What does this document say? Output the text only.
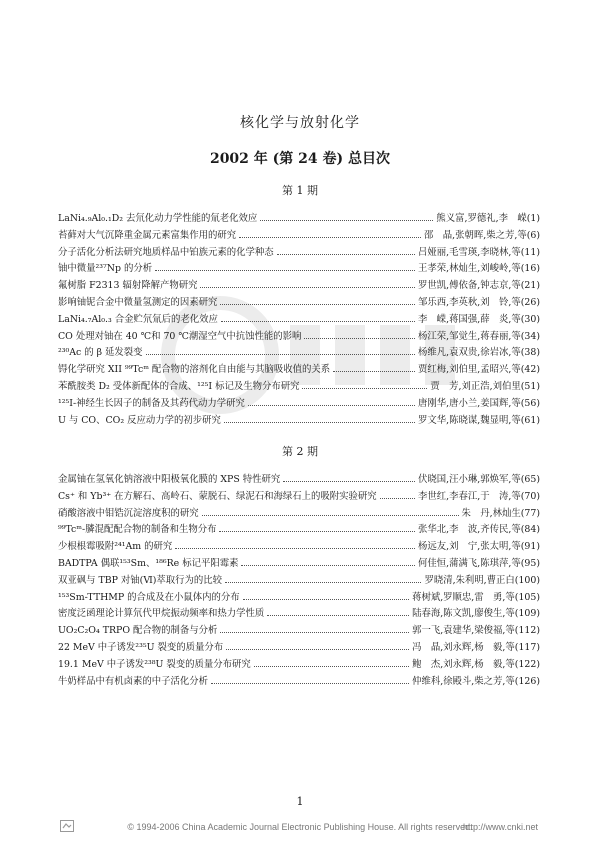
核化学与放射化学
2002 年 (第 24 卷) 总目次
第 1 期
LaNi₄.₉Al₀.₁D₂ 去氘化动力学性能的氚老化效应	熊义富,罗德礼,李　嵘 (1)
苔藓对大气沉降重金属元素富集作用的研究	邵　晶,张朝晖,柴之芳,等 (6)
分子活化分析法研究地质样品中铂族元素的化学种态	吕娅丽,毛雪瑛,李晓林,等 (11)
铀中微量²³⁷Np 的分析	王孝荣,林灿生,刘峻岭,等 (16)
氟树脂 F2313 辐射降解产物研究	罗世凯,傅依备,钟志京,等 (21)
影响铀铌合金中微量氢测定的因素研究	邹乐西,李英秋,刘　铃,等 (26)
LaNi₄.₇Al₀.₃ 合金贮氘氚后的老化效应	李　嵘,蒋国强,薛　炎,等 (30)
CO 处理对铀在 40 ℃和 70 ℃潮湿空气中抗蚀性能的影响	杨江荣,邹觉生,蒋春丽,等 (34)
²³⁰Ac 的 β 延发裂变	杨维凡,袁双贵,徐岩冰,等 (38)
锝化学研究 XII ⁹⁹Tcᵐ 配合物的溶剂化自由能与其脑吸收值的关系	贾红梅,刘伯里,孟昭兴,等 (42)
苯酰胺类 D₂ 受体新配体的合成、¹²⁵I 标记及生物分布研究	贾　芳,刘正浩,刘伯里 (51)
¹²⁵I-神经生长因子的制备及其药代动力学研究	唐刚华,唐小兰,姜国辉,等 (56)
U 与 CO、CO₂ 反应动力学的初步研究	罗文华,陈晓谋,魏显明,等 (61)
第 2 期
金属铀在氢氧化钠溶液中阳极氧化膜的 XPS 特性研究	伏晓国,汪小琳,郭焕军,等 (65)
Cs⁺ 和 Yb³⁺ 在方解石、高岭石、蒙脱石、绿泥石和海绿石上的吸附实验研究	李世红,李春江,于　涛,等 (70)
硝酸溶液中钼锆沉淀溶度积的研究	朱　丹,林灿生 (77)
⁹⁹Tcᵐ-膦混配配合物的制备和生物分布	张华北,李　波,齐传民,等 (84)
少根根霉吸附²⁴¹Am 的研究	杨远友,刘　宁,张太明,等 (91)
BADTPA 偶联¹⁵³Sm、¹⁸⁶Re 标记平阳霉素	何佳恒,蒲满飞,陈琪萍,等 (95)
双亚砜与 TBP 对铀(Ⅵ)萃取行为的比较	罗晓清,朱利明,曹正白 (100)
¹⁵³Sm-TTHMP 的合成及在小鼠体内的分布	蒋树斌,罗顺忠,雷　勇,等 (105)
密度泛函理论计算氘代甲烷振动频率和热力学性质	陆春海,陈文凯,廖俊生,等 (109)
UO₂C₂O₄ TRPO 配合物的制备与分析	郭一飞,袁建华,梁俊福,等 (112)
22 MeV 中子诱发²³⁵U 裂变的质量分布	冯　晶,刘永辉,杨　毅,等 (117)
19.1 MeV 中子诱发²³⁸U 裂变的质量分布研究	鲍　杰,刘永辉,杨　毅,等 (122)
牛奶样品中有机卤素的中子活化分析	仲维科,徐殿斗,柴之芳,等 (126)
1
© 1994-2006 China Academic Journal Electronic Publishing House. All rights reserved.
http://www.cnki.net
